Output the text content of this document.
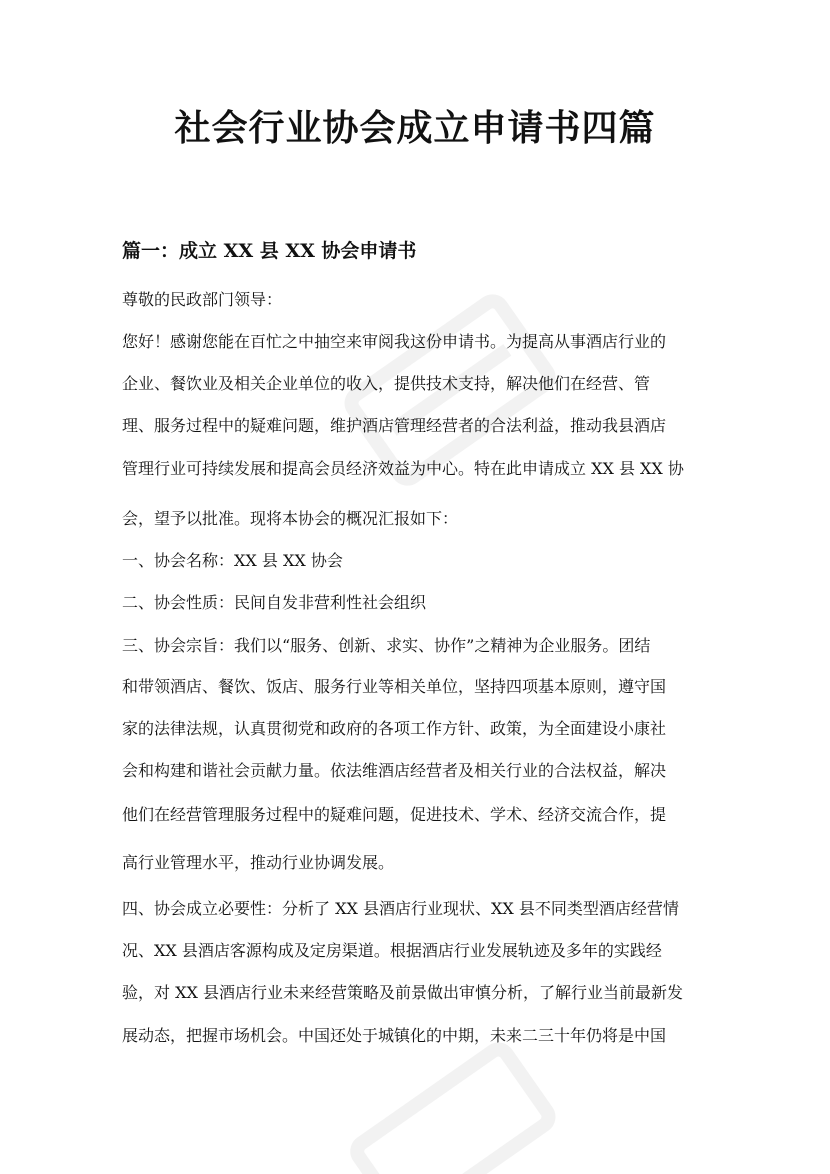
社会行业协会成立申请书四篇
篇一：成立 XX 县 XX 协会申请书
尊敬的民政部门领导：
您好！感谢您能在百忙之中抽空来审阅我这份申请书。为提高从事酒店行业的
企业、餐饮业及相关企业单位的收入，提供技术支持，解决他们在经营、管
理、服务过程中的疑难问题，维护酒店管理经营者的合法利益，推动我县酒店
管理行业可持续发展和提高会员经济效益为中心。特在此申请成立 XX 县 XX 协
会，望予以批准。现将本协会的概况汇报如下：
一、协会名称：XX 县 XX 协会
二、协会性质：民间自发非营利性社会组织
三、协会宗旨：我们以“服务、创新、求实、协作”之精神为企业服务。团结
和带领酒店、餐饮、饭店、服务行业等相关单位，坚持四项基本原则，遵守国
家的法律法规，认真贯彻党和政府的各项工作方针、政策，为全面建设小康社
会和构建和谐社会贡献力量。依法维酒店经营者及相关行业的合法权益，解决
他们在经营管理服务过程中的疑难问题，促进技术、学术、经济交流合作，提
高行业管理水平，推动行业协调发展。
四、协会成立必要性：分析了 XX 县酒店行业现状、XX 县不同类型酒店经营情
况、XX 县酒店客源构成及定房渠道。根据酒店行业发展轨迹及多年的实践经
验，对 XX 县酒店行业未来经营策略及前景做出审慎分析，了解行业当前最新发
展动态，把握市场机会。中国还处于城镇化的中期，未来二三十年仍将是中国
